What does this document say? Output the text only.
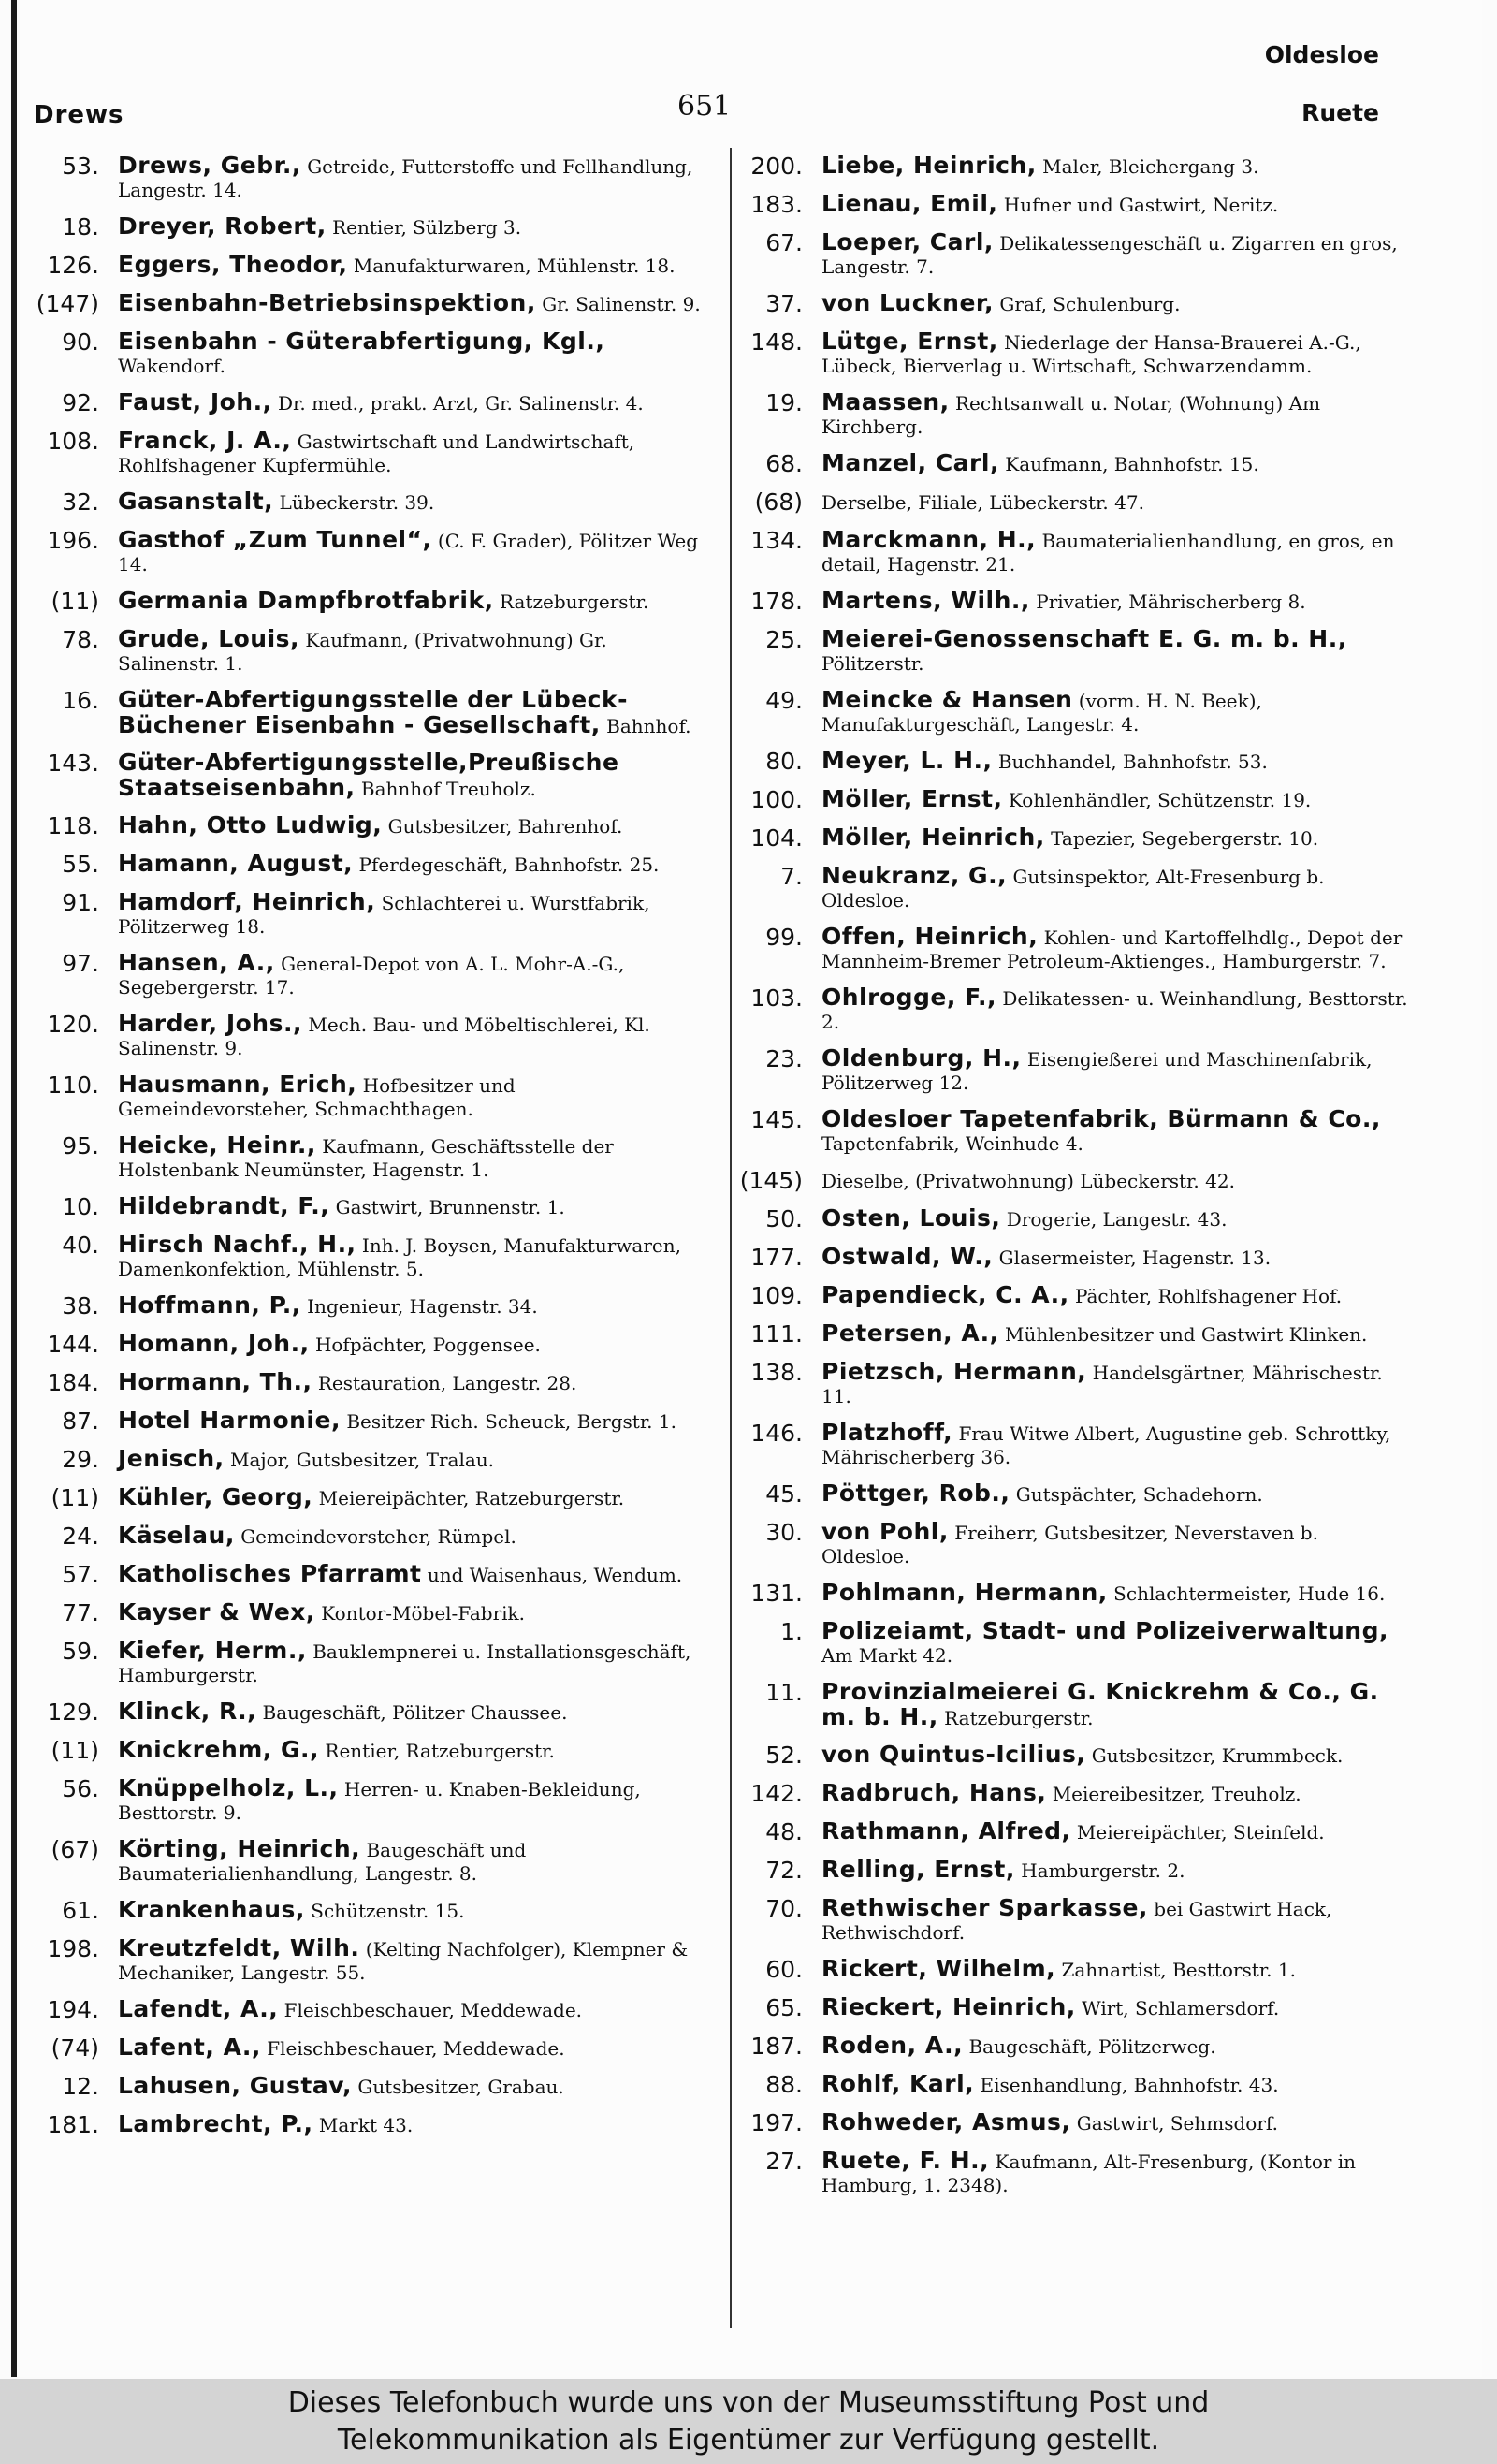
Drews	651
Oldesloe
Ruete
53. Drews, Gebr., Getreide, Futterstoffe und Fellhandlung, Langestr. 14.
18. Dreyer, Robert, Rentier, Sülzberg 3.
126. Eggers, Theodor, Manufakturwaren, Mühlenstr. 18.
(147) Eisenbahn-Betriebsinspektion, Gr. Salinenstr. 9.
90. Eisenbahn - Güterabfertigung, Kgl., Wakendorf.
92. Faust, Joh., Dr. med., prakt. Arzt, Gr. Salinenstr. 4.
108. Franck, J. A., Gastwirtschaft und Landwirtschaft, Rohlfshagener Kupfermühle.
32. Gasanstalt, Lübeckerstr. 39.
196. Gasthof „Zum Tunnel“, (C. F. Grader), Pölitzer Weg 14.
(11) Germania Dampfbrotfabrik, Ratzeburgerstr.
78. Grude, Louis, Kaufmann, (Privatwohnung) Gr. Salinenstr. 1.
16. Güter-Abfertigungsstelle der Lübeck-Büchener Eisenbahn - Gesellschaft, Bahnhof.
143. Güter-Abfertigungsstelle,Preußische Staatseisenbahn, Bahnhof Treuholz.
118. Hahn, Otto Ludwig, Gutsbesitzer, Bahrenhof.
55. Hamann, August, Pferdegeschäft, Bahnhofstr. 25.
91. Hamdorf, Heinrich, Schlachterei u. Wurstfabrik, Pölitzerweg 18.
97. Hansen, A., General-Depot von A. L. Mohr-A.-G., Segebergerstr. 17.
120. Harder, Johs., Mech. Bau- und Möbeltischlerei, Kl. Salinenstr. 9.
110. Hausmann, Erich, Hofbesitzer und Gemeindevorsteher, Schmachthagen.
95. Heicke, Heinr., Kaufmann, Geschäftsstelle der Holstenbank Neumünster, Hagenstr. 1.
10. Hildebrandt, F., Gastwirt, Brunnenstr. 1.
40. Hirsch Nachf., H., Inh. J. Boysen, Manufakturwaren, Damenkonfektion, Mühlenstr. 5.
38. Hoffmann, P., Ingenieur, Hagenstr. 34.
144. Homann, Joh., Hofpächter, Poggensee.
184. Hormann, Th., Restauration, Langestr. 28.
87. Hotel Harmonie, Besitzer Rich. Scheuck, Bergstr. 1.
29. Jenisch, Major, Gutsbesitzer, Tralau.
(11) Kühler, Georg, Meiereipächter, Ratzeburgerstr.
24. Käselau, Gemeindevorsteher, Rümpel.
57. Katholisches Pfarramt und Waisenhaus, Wendum.
77. Kayser & Wex, Kontor-Möbel-Fabrik.
59. Kiefer, Herm., Bauklempnerei u. Installationsgeschäft, Hamburgerstr.
129. Klinck, R., Baugeschäft, Pölitzer Chaussee.
(11) Knickrehm, G., Rentier, Ratzeburgerstr.
56. Knüppelholz, L., Herren- u. Knaben-Bekleidung, Besttorstr. 9.
(67) Körting, Heinrich, Baugeschäft und Baumaterialienhandlung, Langestr. 8.
61. Krankenhaus, Schützenstr. 15.
198. Kreutzfeldt, Wilh. (Kelting Nachfolger), Klempner & Mechaniker, Langestr. 55.
194. Lafendt, A., Fleischbeschauer, Meddewade.
(74) Lafent, A., Fleischbeschauer, Meddewade.
12. Lahusen, Gustav, Gutsbesitzer, Grabau.
181. Lambrecht, P., Markt 43.
200. Liebe, Heinrich, Maler, Bleichergang 3.
183. Lienau, Emil, Hufner und Gastwirt, Neritz.
67. Loeper, Carl, Delikatessengeschäft u. Zigarren en gros, Langestr. 7.
37. von Luckner, Graf, Schulenburg.
148. Lütge, Ernst, Niederlage der Hansa-Brauerei A.-G., Lübeck, Bierverlag u. Wirtschaft, Schwarzendamm.
19. Maassen, Rechtsanwalt u. Notar, (Wohnung) Am Kirchberg.
68. Manzel, Carl, Kaufmann, Bahnhofstr. 15.
(68)	Derselbe, Filiale, Lübeckerstr. 47.
134. Marckmann, H., Baumaterialienhandlung, en gros, en detail, Hagenstr. 21.
178. Martens, Wilh., Privatier, Mährischerberg 8.
25. Meierei-Genossenschaft E. G. m. b. H., Pölitzerstr.
49. Meincke & Hansen (vorm. H. N. Beek), Manufakturgeschäft, Langestr. 4.
80. Meyer, L. H., Buchhandel, Bahnhofstr. 53.
100. Möller, Ernst, Kohlenhändler, Schützenstr. 19.
104. Möller, Heinrich, Tapezier, Segebergerstr. 10.
7. Neukranz, G., Gutsinspektor, Alt-Fresenburg b. Oldesloe.
99. Offen, Heinrich, Kohlen- und Kartoffelhdlg., Depot der Mannheim-Bremer Petroleum-Aktienges., Hamburgerstr. 7.
103. Ohlrogge, F., Delikatessen- u. Weinhandlung, Besttorstr. 2.
23. Oldenburg, H., Eisengießerei und Maschinenfabrik, Pölitzerweg 12.
145. Oldesloer Tapetenfabrik, Bürmann & Co., Tapetenfabrik, Weinhude 4.
(145)	Dieselbe, (Privatwohnung) Lübeckerstr. 42.
50. Osten, Louis, Drogerie, Langestr. 43.
177. Ostwald, W., Glasermeister, Hagenstr. 13.
109. Papendieck, C. A., Pächter, Rohlfshagener Hof.
111. Petersen, A., Mühlenbesitzer und Gastwirt Klinken.
138. Pietzsch, Hermann, Handelsgärtner, Mährischestr. 11.
146. Platzhoff, Frau Witwe Albert, Augustine geb. Schrottky, Mährischerberg 36.
45. Pöttger, Rob., Gutspächter, Schadehorn.
30. von Pohl, Freiherr, Gutsbesitzer, Neverstaven b. Oldesloe.
131. Pohlmann, Hermann, Schlachtermeister, Hude 16.
1. Polizeiamt, Stadt- und Polizeiverwaltung, Am Markt 42.
11. Provinzialmeierei G. Knickrehm & Co., G. m. b. H., Ratzeburgerstr.
52. von Quintus-Icilius, Gutsbesitzer, Krummbeck.
142. Radbruch, Hans, Meiereibesitzer, Treuholz.
48. Rathmann, Alfred, Meiereipächter, Steinfeld.
72. Relling, Ernst, Hamburgerstr. 2.
70. Rethwischer Sparkasse, bei Gastwirt Hack, Rethwischdorf.
60. Rickert, Wilhelm, Zahnartist, Besttorstr. 1.
65. Rieckert, Heinrich, Wirt, Schlamersdorf.
187. Roden, A., Baugeschäft, Pölitzerweg.
88. Rohlf, Karl, Eisenhandlung, Bahnhofstr. 43.
197. Rohweder, Asmus, Gastwirt, Sehmsdorf.
27. Ruete, F. H., Kaufmann, Alt-Fresenburg, (Kontor in Hamburg, 1. 2348).
Dieses Telefonbuch wurde uns von der Museumsstiftung Post und
Telekommunikation als Eigentümer zur Verfügung gestellt.
